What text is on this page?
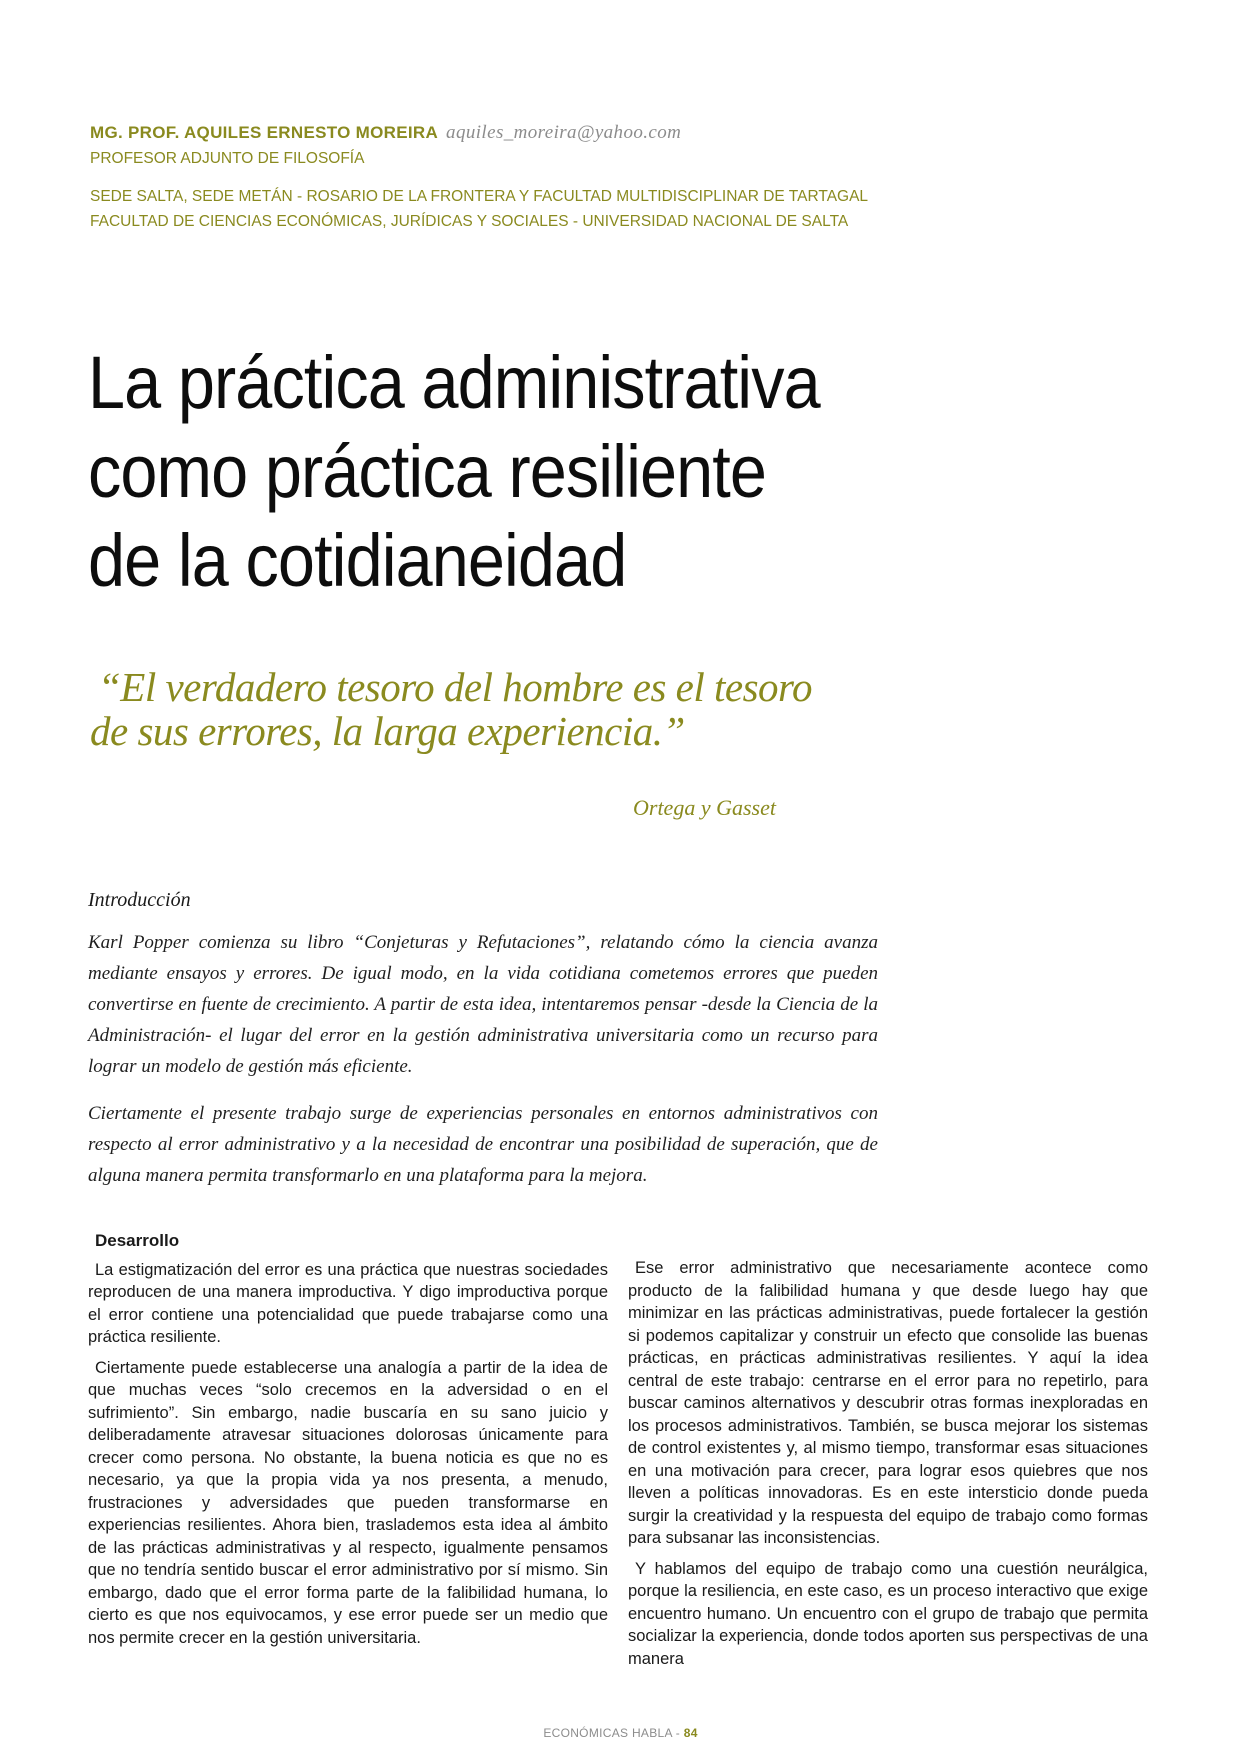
MG. PROF. AQUILES ERNESTO MOREIRA aquiles_moreira@yahoo.com
PROFESOR ADJUNTO DE FILOSOFÍA
SEDE SALTA, SEDE METÁN - ROSARIO DE LA FRONTERA Y FACULTAD MULTIDISCIPLINAR DE TARTAGAL
FACULTAD DE CIENCIAS ECONÓMICAS, JURÍDICAS Y SOCIALES - UNIVERSIDAD NACIONAL DE SALTA
La práctica administrativa
como práctica resiliente
de la cotidianeidad
“El verdadero tesoro del hombre es el tesoro
de sus errores, la larga experiencia.”
Ortega y Gasset
Introducción

Karl Popper comienza su libro “Conjeturas y Refutaciones”, relatando cómo la ciencia avanza mediante ensayos y errores. De igual modo, en la vida cotidiana cometemos errores que pueden convertirse en fuente de crecimiento. A partir de esta idea, intentaremos pensar -desde la Ciencia de la Administración- el lugar del error en la gestión administrativa universitaria como un recurso para lograr un modelo de gestión más eficiente.

Ciertamente el presente trabajo surge de experiencias personales en entornos administrativos con respecto al error administrativo y a la necesidad de encontrar una posibilidad de superación, que de alguna manera permita transformarlo en una plataforma para la mejora.

Desarrollo

La estigmatización del error es una práctica que nuestras sociedades reproducen de una manera improductiva. Y digo improductiva porque el error contiene una potencialidad que puede trabajarse como una práctica resiliente.

Ciertamente puede establecerse una analogía a partir de la idea de que muchas veces “solo crecemos en la adversidad o en el sufrimiento”. Sin embargo, nadie buscaría en su sano juicio y deliberadamente atravesar situaciones dolorosas únicamente para crecer como persona. No obstante, la buena noticia es que no es necesario, ya que la propia vida ya nos presenta, a menudo, frustraciones y adversidades que pueden transformarse en experiencias resilientes. Ahora bien, traslademos esta idea al ámbito de las prácticas administrativas y al respecto, igualmente pensamos que no tendría sentido buscar el error administrativo por sí mismo. Sin embargo, dado que el error forma parte de la falibilidad humana, lo cierto es que nos equivocamos, y ese error puede ser un medio que nos permite crecer en la gestión universitaria.

Ese error administrativo que necesariamente acontece como producto de la falibilidad humana y que desde luego hay que minimizar en las prácticas administrativas, puede fortalecer la gestión si podemos capitalizar y construir un efecto que consolide las buenas prácticas, en prácticas administrativas resilientes. Y aquí la idea central de este trabajo: centrarse en el error para no repetirlo, para buscar caminos alternativos y descubrir otras formas inexploradas en los procesos administrativos. También, se busca mejorar los sistemas de control existentes y, al mismo tiempo, transformar esas situaciones en una motivación para crecer, para lograr esos quiebres que nos lleven a políticas innovadoras. Es en este intersticio donde pueda surgir la creatividad y la respuesta del equipo de trabajo como formas para subsanar las inconsistencias.

Y hablamos del equipo de trabajo como una cuestión neurálgica, porque la resiliencia, en este caso, es un proceso interactivo que exige encuentro humano. Un encuentro con el grupo de trabajo que permita socializar la experiencia, donde todos aporten sus perspectivas de una manera

ECONÓMICAS HABLA - 84
